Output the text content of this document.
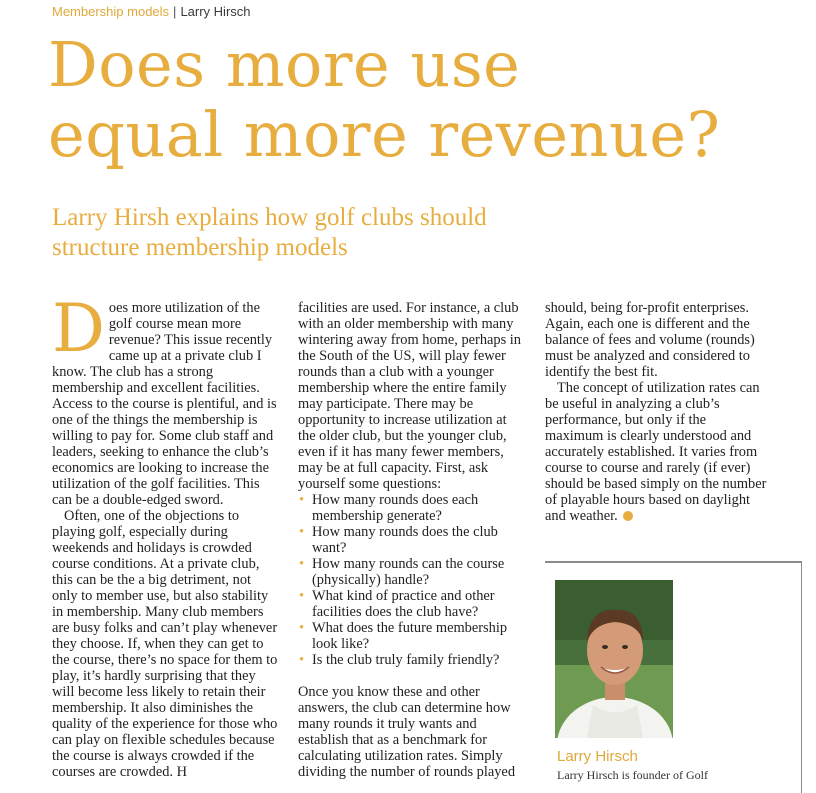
Membership models | Larry Hirsch
Does more use
equal more revenue?
Larry Hirsh explains how golf clubs should
structure membership models

Does more utilization of the golf course mean more revenue? This issue recently came up at a private club I know. The club has a strong membership and excellent facilities. Access to the course is plentiful, and is one of the things the membership is willing to pay for. Some club staff and leaders, seeking to enhance the club’s economics are looking to increase the utilization of the golf facilities. This can be a double-edged sword.

Often, one of the objections to playing golf, especially during weekends and holidays is crowded course conditions. At a private club, this can be the a big detriment, not only to member use, but also stability in membership. Many club members are busy folks and can’t play whenever they choose. If, when they can get to the course, there’s no space for them to play, it’s hardly surprising that they will become less likely to retain their membership. It also diminishes the quality of the experience for those who can play on flexible schedules because the course is always crowded if the courses are crowded. H

facilities are used. For instance, a club with an older membership with many wintering away from home, perhaps in the South of the US, will play fewer rounds than a club with a younger membership where the entire family may participate. There may be opportunity to increase utilization at the older club, but the younger club, even if it has many fewer members, may be at full capacity. First, ask yourself some questions:

• How many rounds does each membership generate?
• How many rounds does the club want?
• How many rounds can the course (physically) handle?
• What kind of practice and other facilities does the club have?
• What does the future membership look like?
• Is the club truly family friendly?

Once you know these and other answers, the club can determine how many rounds it truly wants and establish that as a benchmark for calculating utilization rates. Simply dividing the number of rounds played

should, being for-profit enterprises. Again, each one is different and the balance of fees and volume (rounds) must be analyzed and considered to identify the best fit.

The concept of utilization rates can be useful in analyzing a club’s performance, but only if the maximum is clearly understood and accurately established. It varies from course to course and rarely (if ever) should be based simply on the number of playable hours based on daylight and weather.

Larry Hirsch
Larry Hirsch is founder of Golf
